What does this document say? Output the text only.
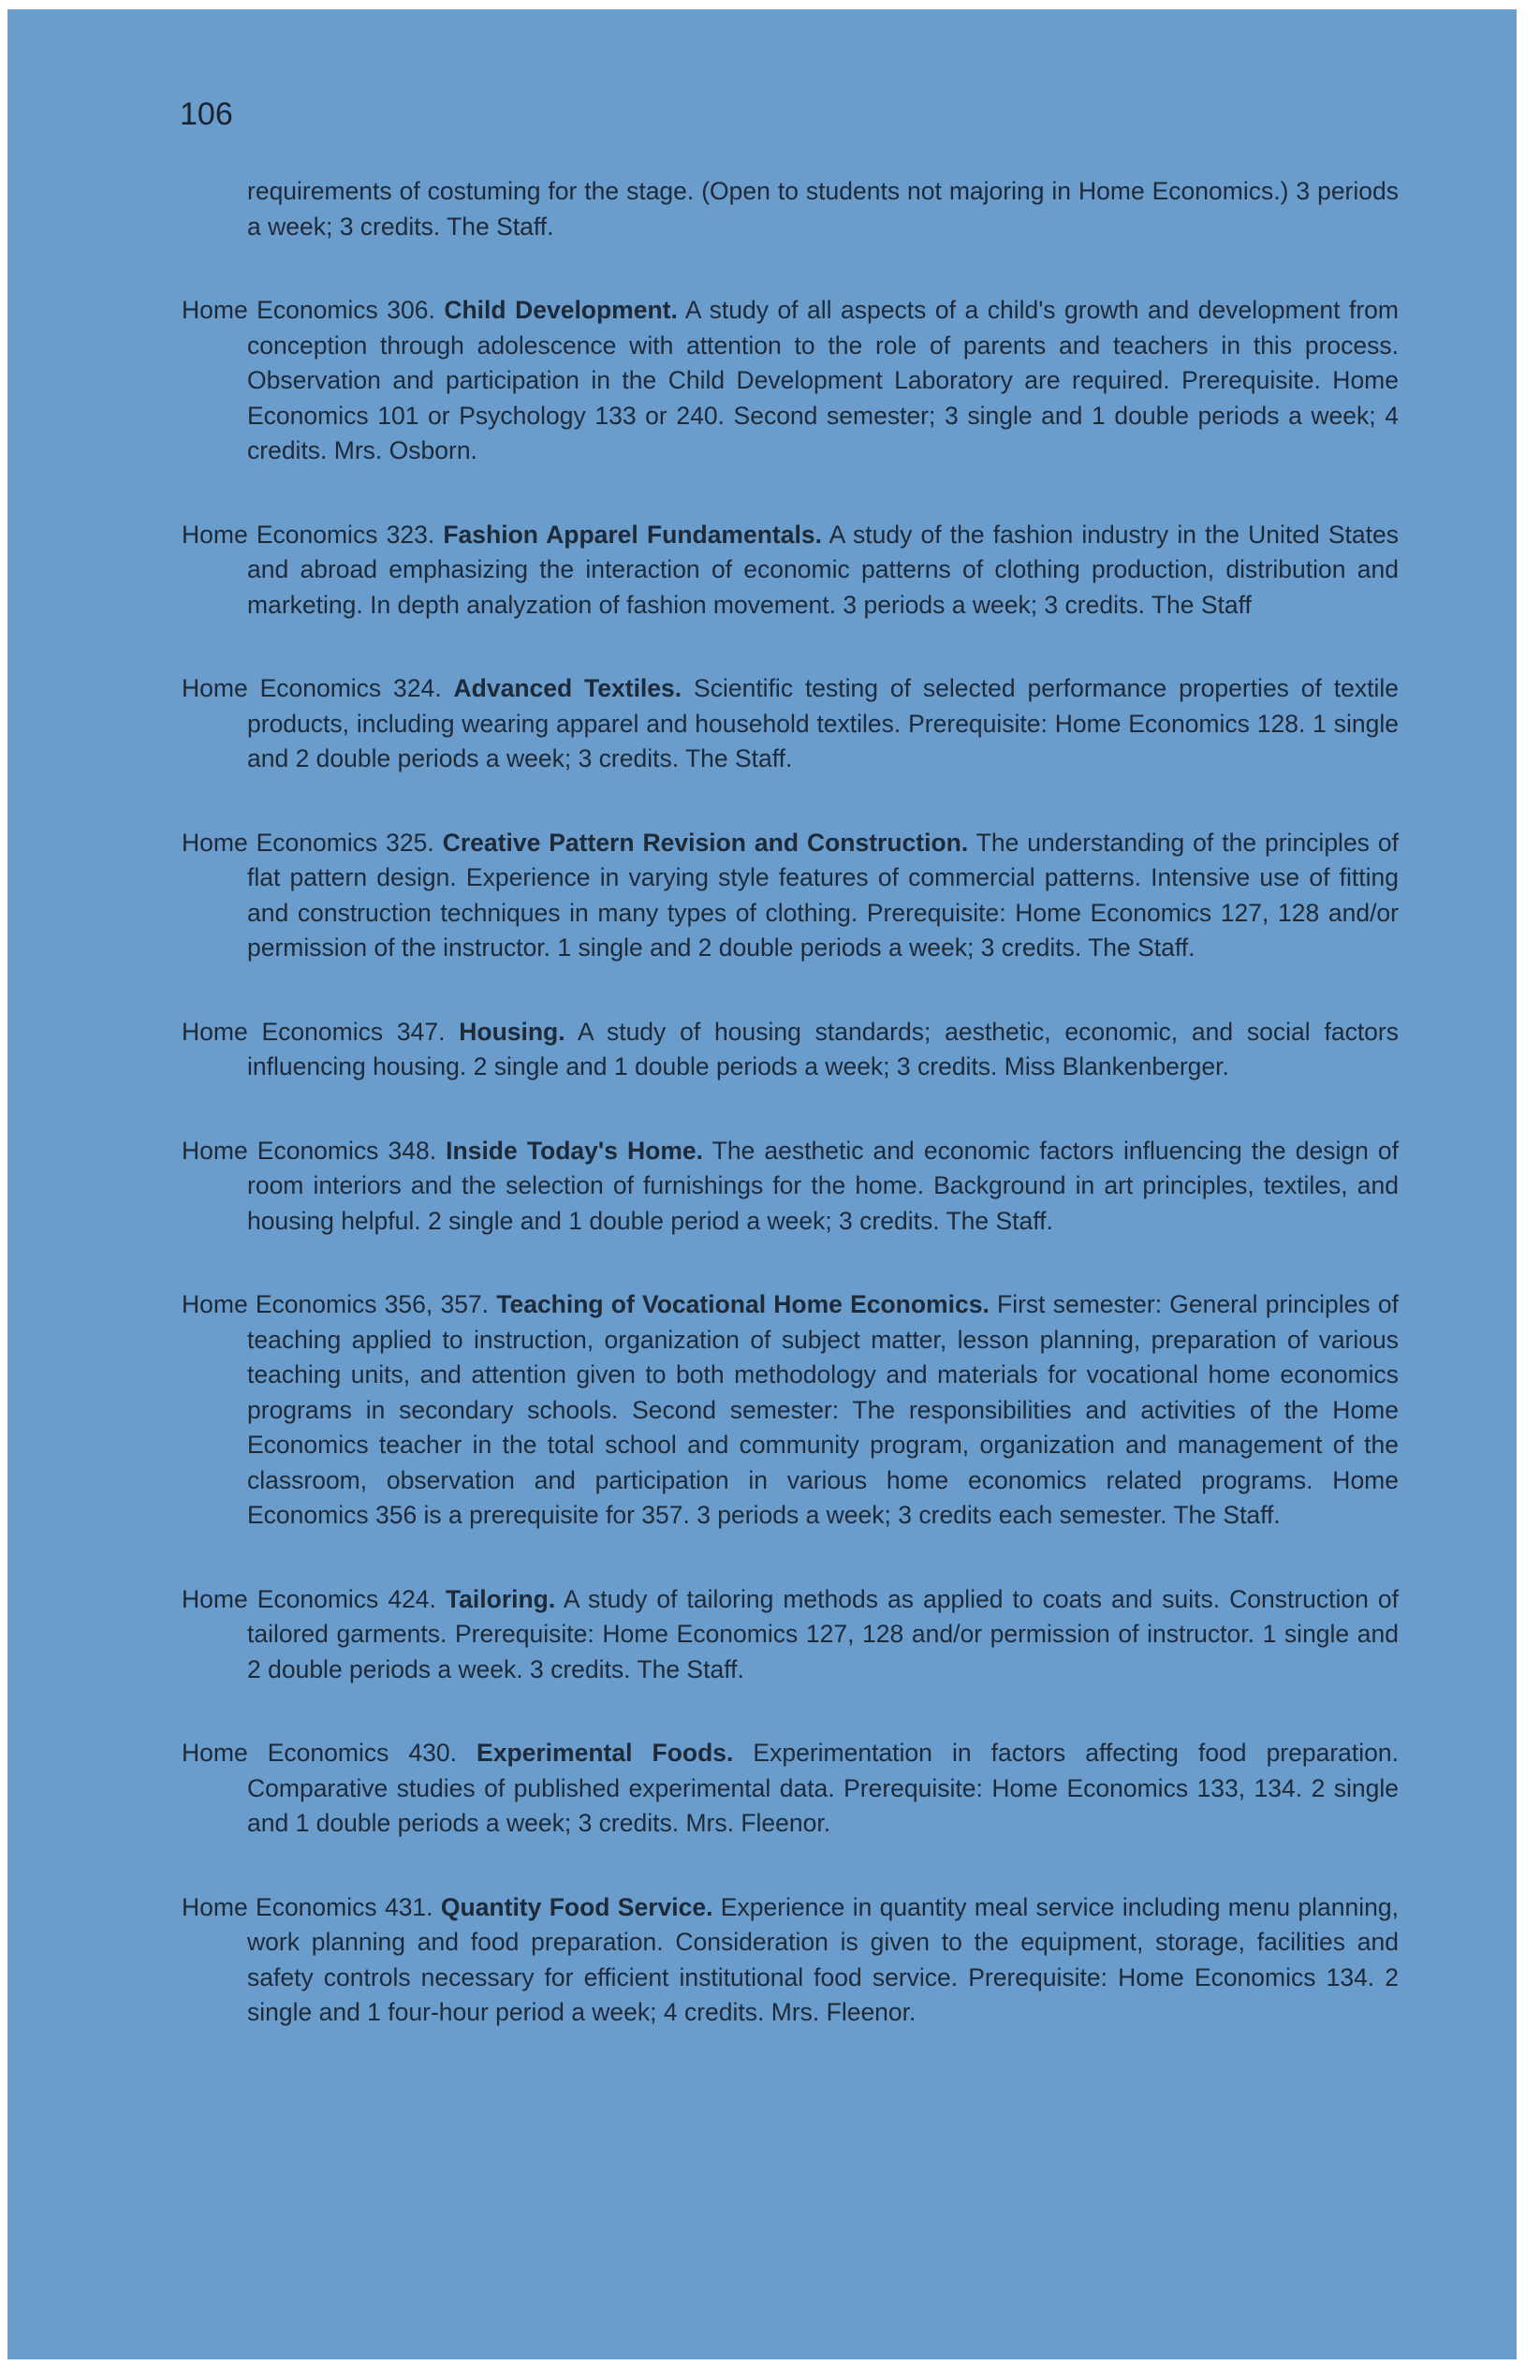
106

requirements of costuming for the stage. (Open to students not majoring in Home Economics.) 3 periods a week; 3 credits. The Staff.

Home Economics 306. Child Development. A study of all aspects of a child's growth and development from conception through adolescence with attention to the role of parents and teachers in this process. Observation and participation in the Child Development Laboratory are required. Prerequisite. Home Economics 101 or Psychology 133 or 240. Second semester; 3 single and 1 double periods a week; 4 credits. Mrs. Osborn.

Home Economics 323. Fashion Apparel Fundamentals. A study of the fashion industry in the United States and abroad emphasizing the interaction of economic patterns of clothing production, distribution and marketing. In depth analyzation of fashion movement. 3 periods a week; 3 credits. The Staff

Home Economics 324. Advanced Textiles. Scientific testing of selected performance properties of textile products, including wearing apparel and household textiles. Prerequisite: Home Economics 128. 1 single and 2 double periods a week; 3 credits. The Staff.

Home Economics 325. Creative Pattern Revision and Construction. The understanding of the principles of flat pattern design. Experience in varying style features of commercial patterns. Intensive use of fitting and construction techniques in many types of clothing. Prerequisite: Home Economics 127, 128 and/or permission of the instructor. 1 single and 2 double periods a week; 3 credits. The Staff.

Home Economics 347. Housing. A study of housing standards; aesthetic, economic, and social factors influencing housing. 2 single and 1 double periods a week; 3 credits. Miss Blankenberger.

Home Economics 348. Inside Today's Home. The aesthetic and economic factors influencing the design of room interiors and the selection of furnishings for the home. Background in art principles, textiles, and housing helpful. 2 single and 1 double period a week; 3 credits. The Staff.

Home Economics 356, 357. Teaching of Vocational Home Economics. First semester: General principles of teaching applied to instruction, organization of subject matter, lesson planning, preparation of various teaching units, and attention given to both methodology and materials for vocational home economics programs in secondary schools. Second semester: The responsibilities and activities of the Home Economics teacher in the total school and community program, organization and management of the classroom, observation and participation in various home economics related programs. Home Economics 356 is a prerequisite for 357. 3 periods a week; 3 credits each semester. The Staff.

Home Economics 424. Tailoring. A study of tailoring methods as applied to coats and suits. Construction of tailored garments. Prerequisite: Home Economics 127, 128 and/or permission of instructor. 1 single and 2 double periods a week. 3 credits. The Staff.

Home Economics 430. Experimental Foods. Experimentation in factors affecting food preparation. Comparative studies of published experimental data. Prerequisite: Home Economics 133, 134. 2 single and 1 double periods a week; 3 credits. Mrs. Fleenor.

Home Economics 431. Quantity Food Service. Experience in quantity meal service including menu planning, work planning and food preparation. Consideration is given to the equipment, storage, facilities and safety controls necessary for efficient institutional food service. Prerequisite: Home Economics 134. 2 single and 1 four-hour period a week; 4 credits. Mrs. Fleenor.
